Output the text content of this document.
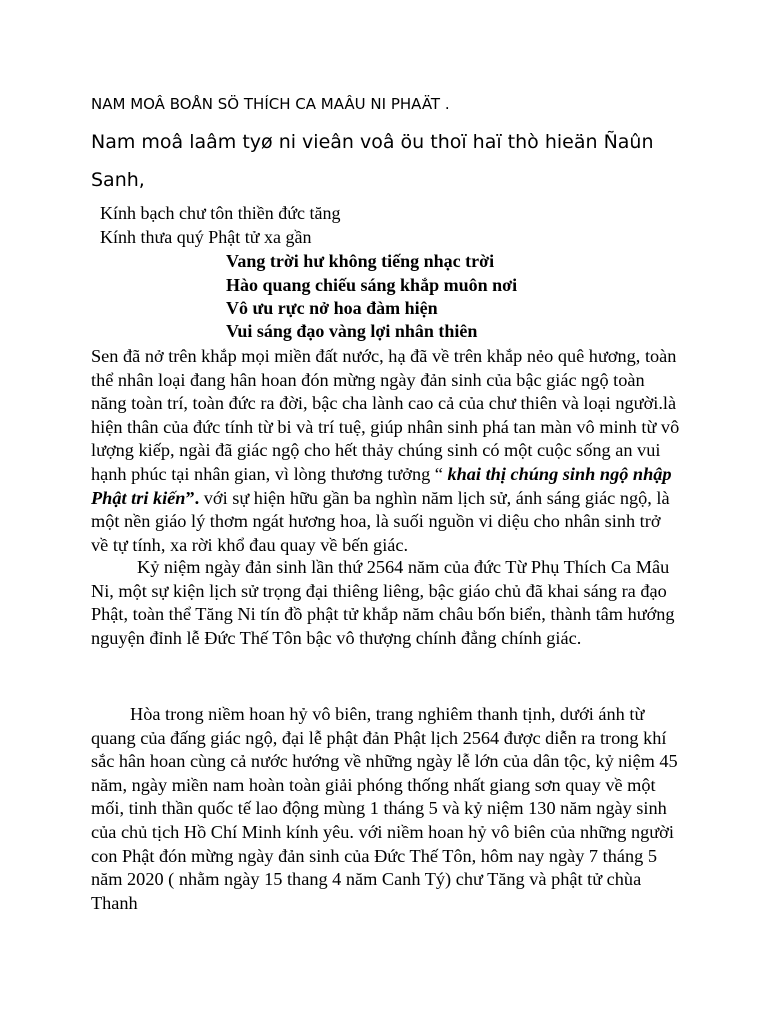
NAM MOÂ BOÅN SÖ THÍCH CA MAÂU NI PHAÄT .
Nam moâ laâm tyø ni vieân voâ öu thoï haï thò hieän Ñaûn Sanh,
Kính bạch chư tôn thiền đức tăng
Kính thưa quý Phật tử xa gần
Vang trời hư không tiếng nhạc trời
Hào quang chiếu sáng khắp muôn nơi
Vô ưu rực nở hoa đàm hiện
Vui sáng đạo vàng lợi nhân thiên

Sen đã nở trên khắp mọi miền đất nước, hạ đã về trên khắp nẻo quê hương, toàn thể nhân loại đang hân hoan đón mừng ngày đản sinh của bậc giác ngộ toàn năng toàn trí, toàn đức ra đời, bậc cha lành cao cả của chư thiên và loại người.là hiện thân của đức tính từ bi và trí tuệ, giúp nhân sinh phá tan màn vô minh từ vô lượng kiếp, ngài đã giác ngộ cho hết thảy chúng sinh có một cuộc sống an vui hạnh phúc tại nhân gian, vì lòng thương tưởng “ khai thị chúng sinh ngộ nhập Phật tri kiến”. với sự hiện hữu gần ba nghìn năm lịch sử, ánh sáng giác ngộ, là một nền giáo lý thơm ngát hương hoa, là suối nguồn vi diệu cho nhân sinh trở về tự tính, xa rời khổ đau quay về bến giác.

Kỷ niệm ngày đản sinh lần thứ 2564 năm của đức Từ Phụ Thích Ca Mâu Ni, một sự kiện lịch sử trọng đại thiêng liêng, bậc giáo chủ đã khai sáng ra đạo Phật, toàn thể Tăng Ni tín đồ phật tử khắp năm châu bốn biển, thành tâm hướng nguyện đỉnh lễ Đức Thế Tôn bậc vô thượng chính đẳng chính giác.

Hòa trong niềm hoan hỷ vô biên, trang nghiêm thanh tịnh, dưới ánh từ quang của đấng giác ngộ, đại lễ phật đản Phật lịch 2564 được diễn ra trong khí sắc hân hoan cùng cả nước hướng về những ngày lễ lớn của dân tộc, kỷ niệm 45 năm, ngày miền nam hoàn toàn giải phóng thống nhất giang sơn quay về một mối, tinh thần quốc tế lao động mùng 1 tháng 5 và kỷ niệm 130 năm ngày sinh của chủ tịch Hồ Chí Minh kính yêu. với niềm hoan hỷ vô biên của những người con Phật đón mừng ngày đản sinh của Đức Thế Tôn, hôm nay ngày 7 tháng 5 năm 2020 ( nhằm ngày 15 thang 4 năm Canh Tý) chư Tăng và phật tử chùa Thanh
